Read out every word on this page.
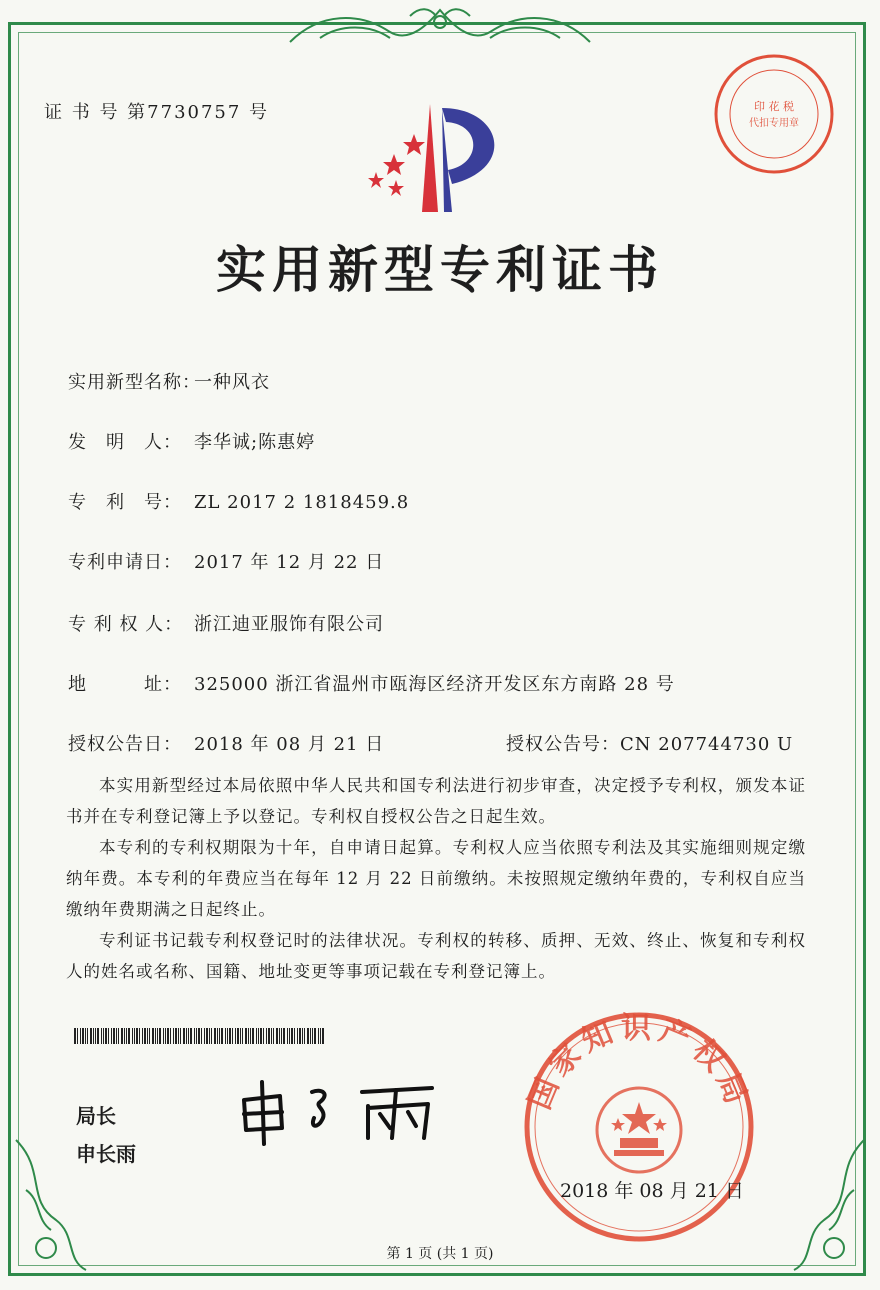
印 花 税
代扣专用章
证 书 号 第7730757 号
实用新型专利证书
实用新型名称：一种风衣
发　明　人： 李华诚;陈惠婷
专　利　号： ZL 2017 2 1818459.8
专利申请日： 2017 年 12 月 22 日
专 利 权 人： 浙江迪亚服饰有限公司
地　　　址： 325000 浙江省温州市瓯海区经济开发区东方南路 28 号
授权公告日： 2018 年 08 月 21 日	授权公告号：CN 207744730 U

本实用新型经过本局依照中华人民共和国专利法进行初步审查，决定授予专利权，颁发本证书并在专利登记簿上予以登记。专利权自授权公告之日起生效。

本专利的专利权期限为十年，自申请日起算。专利权人应当依照专利法及其实施细则规定缴纳年费。本专利的年费应当在每年 12 月 22 日前缴纳。未按照规定缴纳年费的，专利权自应当缴纳年费期满之日起终止。

专利证书记载专利权登记时的法律状况。专利权的转移、质押、无效、终止、恢复和专利权人的姓名或名称、国籍、地址变更等事项记载在专利登记簿上。

局长
申长雨
国家知识产权局
2018 年 08 月 21 日
第 1 页 (共 1 页)
